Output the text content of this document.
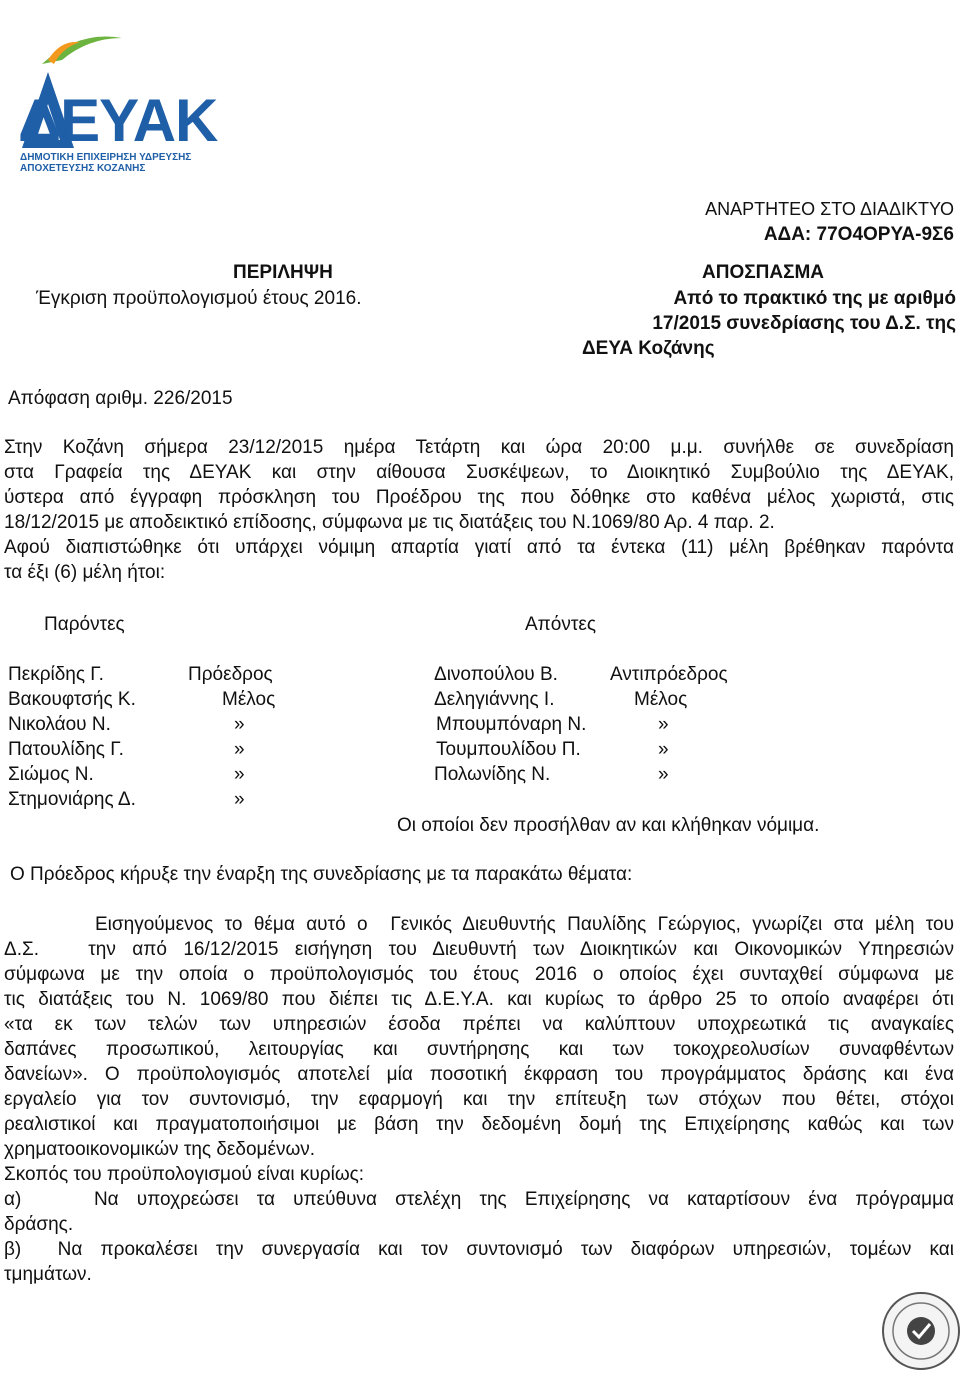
ΔΕΥΑΚ
ΔΗΜΟΤΙΚΗ ΕΠΙΧΕΙΡΗΣΗ ΥΔΡΕΥΣΗΣ
ΑΠΟΧΕΤΕΥΣΗΣ ΚΟΖΑΝΗΣ
ΑΝΑΡΤΗΤΕΟ ΣΤΟ ΔΙΑΔΙΚΤΥΟ
ΑΔΑ: 77Ο4ΟΡΥΑ-9Σ6
ΠΕΡΙΛΗΨΗ
Έγκριση προϋπολογισμού έτους 2016.
ΑΠΟΣΠΑΣΜΑ
Από το πρακτικό της με αριθμό
17/2015 συνεδρίασης του Δ.Σ. της
ΔΕΥΑ Κοζάνης
Απόφαση αριθμ. 226/2015
Στην Κοζάνη σήμερα 23/12/2015 ημέρα Τετάρτη και ώρα 20:00 μ.μ. συνήλθε σε συνεδρίαση
στα Γραφεία της ΔΕΥΑΚ και στην αίθουσα Συσκέψεων, το Διοικητικό Συμβούλιο της ΔΕΥΑΚ,
ύστερα από έγγραφη πρόσκληση του Προέδρου της που δόθηκε στο καθένα μέλος χωριστά, στις
18/12/2015 με αποδεικτικό επίδοσης, σύμφωνα με τις διατάξεις του Ν.1069/80 Αρ. 4 παρ. 2.
Αφού διαπιστώθηκε ότι υπάρχει νόμιμη απαρτία γιατί από τα έντεκα (11) μέλη βρέθηκαν παρόντα
τα έξι (6) μέλη ήτοι:
Παρόντες	Απόντες
Πεκρίδης Γ.	Πρόεδρος	Δινοπούλου Β.	Αντιπρόεδρος
Βακουφτσής Κ.	Μέλος	Δεληγιάννης Ι.	Μέλος
Νικολάου Ν.	»	Μπουμπόναρη Ν.	»
Πατουλίδης Γ.	»	Τουμπουλίδου Π.	»
Σιώμος Ν.	»	Πολωνίδης Ν.	»
Στημονιάρης Δ.	»
Οι οποίοι δεν προσήλθαν αν και κλήθηκαν νόμιμα.
Ο Πρόεδρος κήρυξε την έναρξη της συνεδρίασης με τα παρακάτω θέματα:
Εισηγούμενος το θέμα αυτό ο  Γενικός Διευθυντής Παυλίδης Γεώργιος, γνωρίζει στα μέλη του
Δ.Σ.   την από 16/12/2015 εισήγηση του Διευθυντή των Διοικητικών και Οικονομικών Υπηρεσιών
σύμφωνα με την οποία ο προϋπολογισμός του έτους 2016 ο οποίος έχει συνταχθεί σύμφωνα με
τις διατάξεις του Ν. 1069/80 που διέπει τις Δ.Ε.Υ.Α. και κυρίως το άρθρο 25 το οποίο αναφέρει ότι
«τα εκ των τελών των υπηρεσιών έσοδα πρέπει να καλύπτουν υποχρεωτικά τις αναγκαίες
δαπάνες προσωπικού, λειτουργίας και συντήρησης και των τοκοχρεολυσίων συναφθέντων
δανείων». Ο προϋπολογισμός αποτελεί μία ποσοτική έκφραση του προγράμματος δράσης και ένα
εργαλείο για τον συντονισμό, την εφαρμογή και την επίτευξη των στόχων που θέτει, στόχοι
ρεαλιστικοί και πραγματοποιήσιμοι με βάση την δεδομένη δομή της Επιχείρησης καθώς και των
χρηματοοικονομικών της δεδομένων.
Σκοπός του προϋπολογισμού είναι κυρίως:
α)    Να υποχρεώσει τα υπεύθυνα στελέχη της Επιχείρησης να καταρτίσουν ένα πρόγραμμα
δράσης.
β)  Να προκαλέσει την συνεργασία και τον συντονισμό των διαφόρων υπηρεσιών, τομέων και
τμημάτων.
